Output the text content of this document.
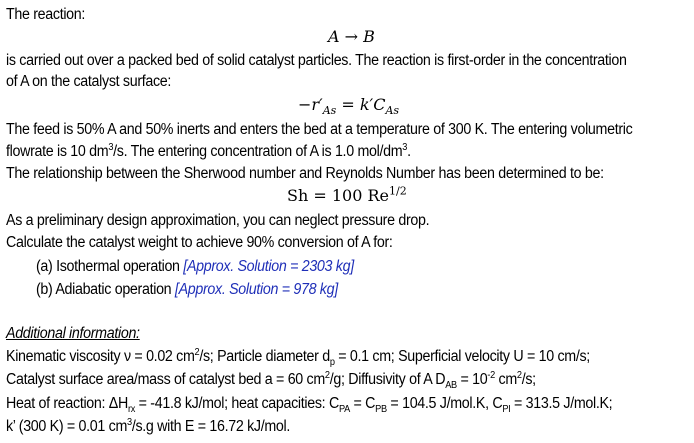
The reaction:
A → B
is carried out over a packed bed of solid catalyst particles. The reaction is first-order in the concentration
of A on the catalyst surface:
$-r'_{As} = k'C_{As}$
The feed is 50% A and 50% inerts and enters the bed at a temperature of 300 K. The entering volumetric
flowrate is 10 $dm^3/s$. The entering concentration of A is 1.0 mol/$dm^3$.
The relationship between the Sherwood number and Reynolds Number has been determined to be:
Sh = 100 $Re^{1/2}$
As a preliminary design approximation, you can neglect pressure drop.
Calculate the catalyst weight to achieve 90% conversion of A for:
(a) Isothermal operation [Approx. Solution = 2303 kg]
(b) Adiabatic operation [Approx. Solution = 978 kg]
Additional information:
Kinematic viscosity ν = 0.02 $cm^2/s$; Particle diameter $d_p = 0.1$ cm; Superficial velocity U = 10 cm/s;
Catalyst surface area/mass of catalyst bed a = 60 $cm^2/g$; Diffusivity of A $D_{AB} = 10^{-2}$ $cm^2/s$;
Heat of reaction: $\Delta H_{rx} = -41.8$ kJ/mol; heat capacities: $C_{PA} = C_{PB} = 104.5$ J/mol.K, $C_{PI} = 313.5$ J/mol.K;
k’ (300 K) = 0.01 $cm^3/s.g$ with E = 16.72 kJ/mol.
